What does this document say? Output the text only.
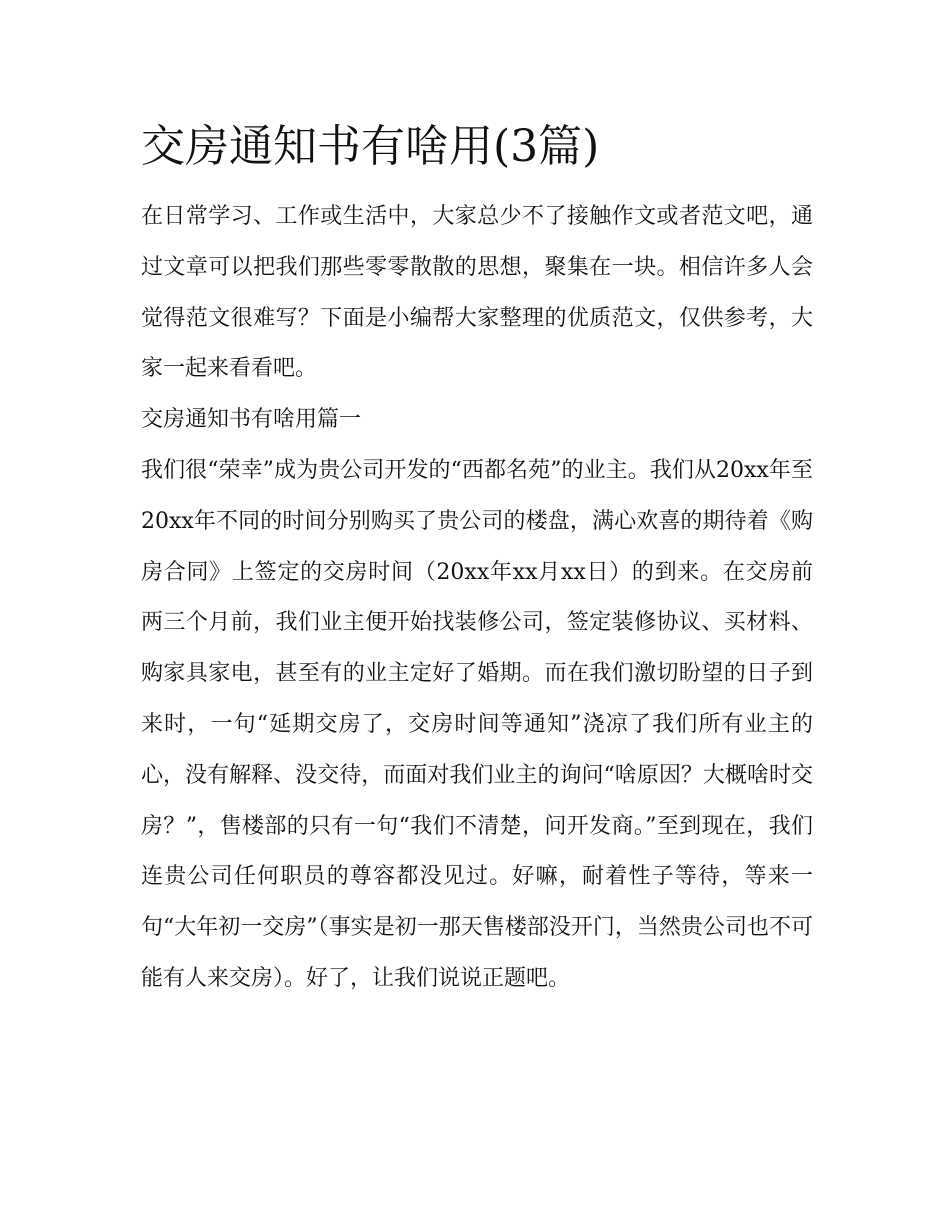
交房通知书有啥用(3篇)

在日常学习、工作或生活中，大家总少不了接触作文或者范文吧，通过文章可以把我们那些零零散散的思想，聚集在一块。相信许多人会觉得范文很难写？下面是小编帮大家整理的优质范文，仅供参考，大家一起来看看吧。

交房通知书有啥用篇一

我们很“荣幸”成为贵公司开发的“西都名苑”的业主。我们从20xx年至20xx年不同的时间分别购买了贵公司的楼盘，满心欢喜的期待着《购房合同》上签定的交房时间（20xx年xx月xx日）的到来。在交房前两三个月前，我们业主便开始找装修公司，签定装修协议、买材料、购家具家电，甚至有的业主定好了婚期。而在我们激切盼望的日子到来时，一句“延期交房了，交房时间等通知”浇凉了我们所有业主的心，没有解释、没交待，而面对我们业主的询问“啥原因？大概啥时交房？”，售楼部的只有一句“我们不清楚，问开发商。”至到现在，我们连贵公司任何职员的尊容都没见过。好嘛，耐着性子等待，等来一句“大年初一交房”（事实是初一那天售楼部没开门，当然贵公司也不可能有人来交房）。好了，让我们说说正题吧。
